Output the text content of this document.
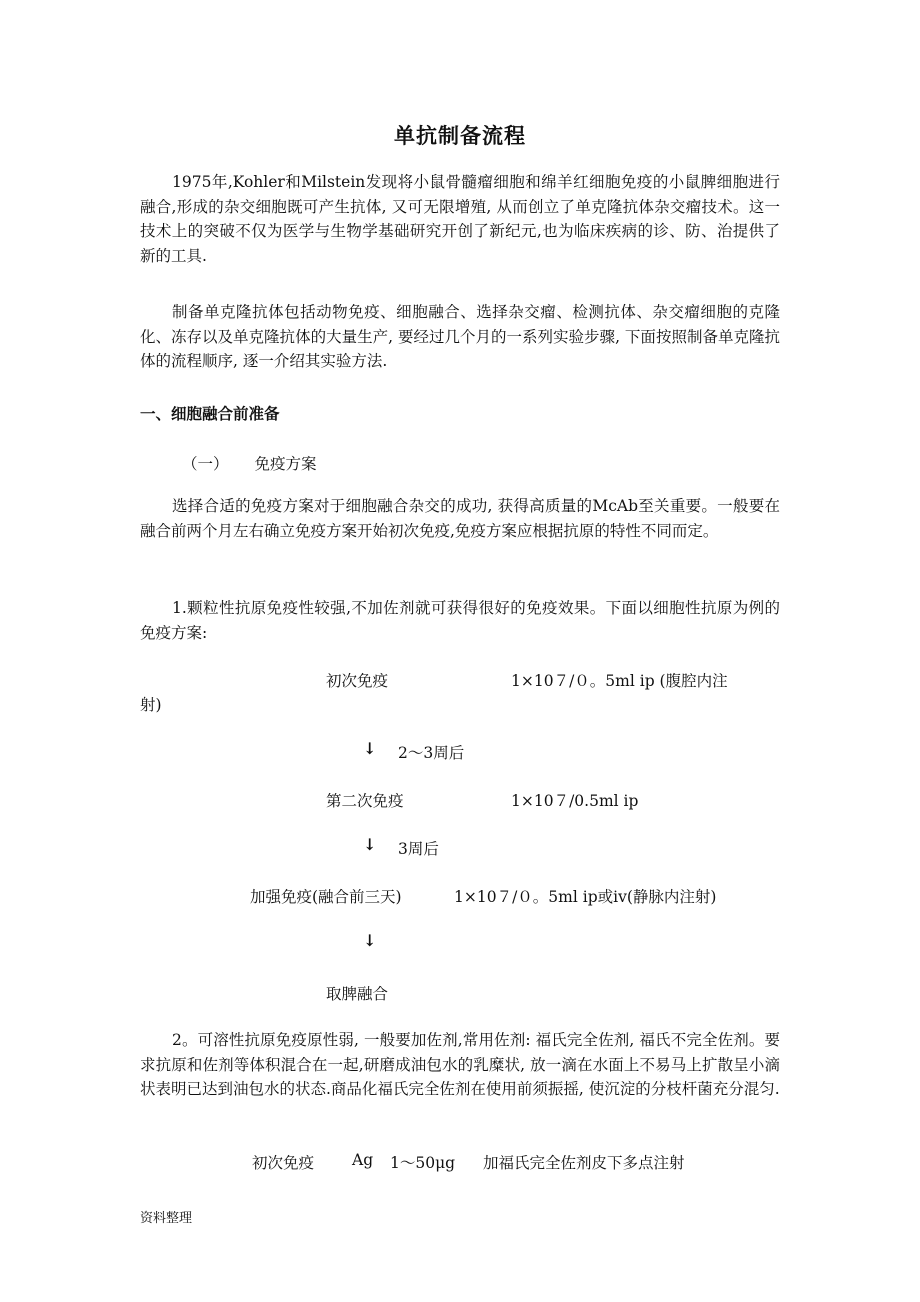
单抗制备流程

1975年,Kohler和Milstein发现将小鼠骨髓瘤细胞和绵羊红细胞免疫的小鼠脾细胞进行融合,形成的杂交细胞既可产生抗体, 又可无限增殖, 从而创立了单克隆抗体杂交瘤技术。这一技术上的突破不仅为医学与生物学基础研究开创了新纪元,也为临床疾病的诊、防、治提供了新的工具.

制备单克隆抗体包括动物免疫、细胞融合、选择杂交瘤、检测抗体、杂交瘤细胞的克隆化、冻存以及单克隆抗体的大量生产, 要经过几个月的一系列实验步骤, 下面按照制备单克隆抗体的流程顺序, 逐一介绍其实验方法.

一、细胞融合前准备
（一） 免疫方案

选择合适的免疫方案对于细胞融合杂交的成功, 获得高质量的McAb至关重要。一般要在融合前两个月左右确立免疫方案开始初次免疫,免疫方案应根据抗原的特性不同而定。

1.颗粒性抗原免疫性较强,不加佐剂就可获得很好的免疫效果。下面以细胞性抗原为例的免疫方案:

初次免疫	1×10７/０。5ml ip (腹腔内注
射)
↓ 2～3周后
第二次免疫	1×10７/0.5ml ip
↓ 3周后
加强免疫(融合前三天)	1×10７/０。5ml ip或iv(静脉内注射)
↓
取脾融合

2。可溶性抗原免疫原性弱, 一般要加佐剂,常用佐剂: 福氏完全佐剂, 福氏不完全佐剂。要求抗原和佐剂等体积混合在一起,研磨成油包水的乳糜状, 放一滴在水面上不易马上扩散呈小滴状表明已达到油包水的状态.商品化福氏完全佐剂在使用前须振摇, 使沉淀的分枝杆菌充分混匀.

初次免疫 Ag 1～50μg 加福氏完全佐剂皮下多点注射
资料整理
